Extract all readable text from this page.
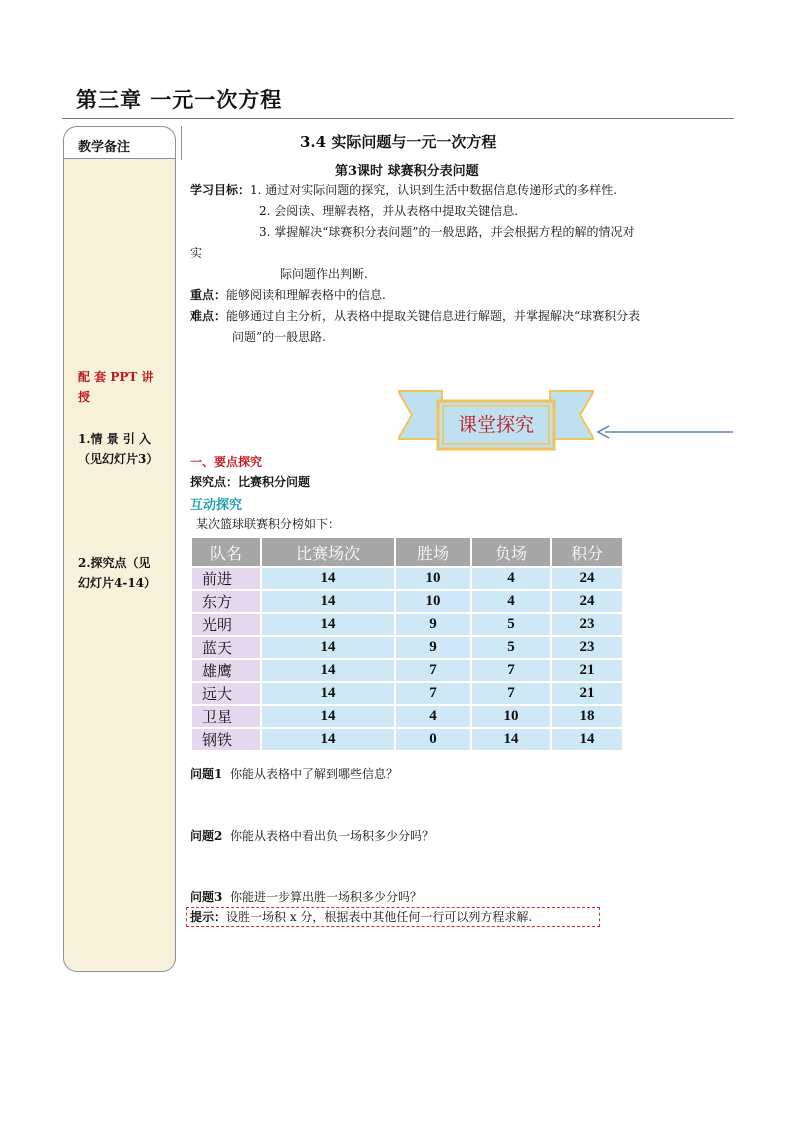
第三章 一元一次方程
教学备注
配 套 PPT 讲
授
1.情 景 引 入
（见幻灯片3）
2.探究点（见
幻灯片4-14）
3.4 实际问题与一元一次方程
第3课时 球赛积分表问题
学习目标：1. 通过对实际问题的探究，认识到生活中数据信息传递形式的多样性.
2. 会阅读、理解表格，并从表格中提取关键信息.
3. 掌握解决“球赛积分表问题”的一般思路，并会根据方程的解的情况对
实
际问题作出判断.
重点：能够阅读和理解表格中的信息.
难点：能够通过自主分析，从表格中提取关键信息进行解题，并掌握解决“球赛积分表
问题”的一般思路.
课堂探究
一、要点探究
探究点：比赛积分问题
互动探究
某次篮球联赛积分榜如下：
队名	比赛场次	胜场	负场	积分
前进	14	10	4	24
东方	14	10	4	24
光明	14	9	5	23
蓝天	14	9	5	23
雄鹰	14	7	7	21
远大	14	7	7	21
卫星	14	4	10	18
钢铁	14	0	14	14
问题1 你能从表格中了解到哪些信息？
问题2 你能从表格中看出负一场积多少分吗？
问题3 你能进一步算出胜一场积多少分吗？
提示：设胜一场积 x 分，根据表中其他任何一行可以列方程求解.
